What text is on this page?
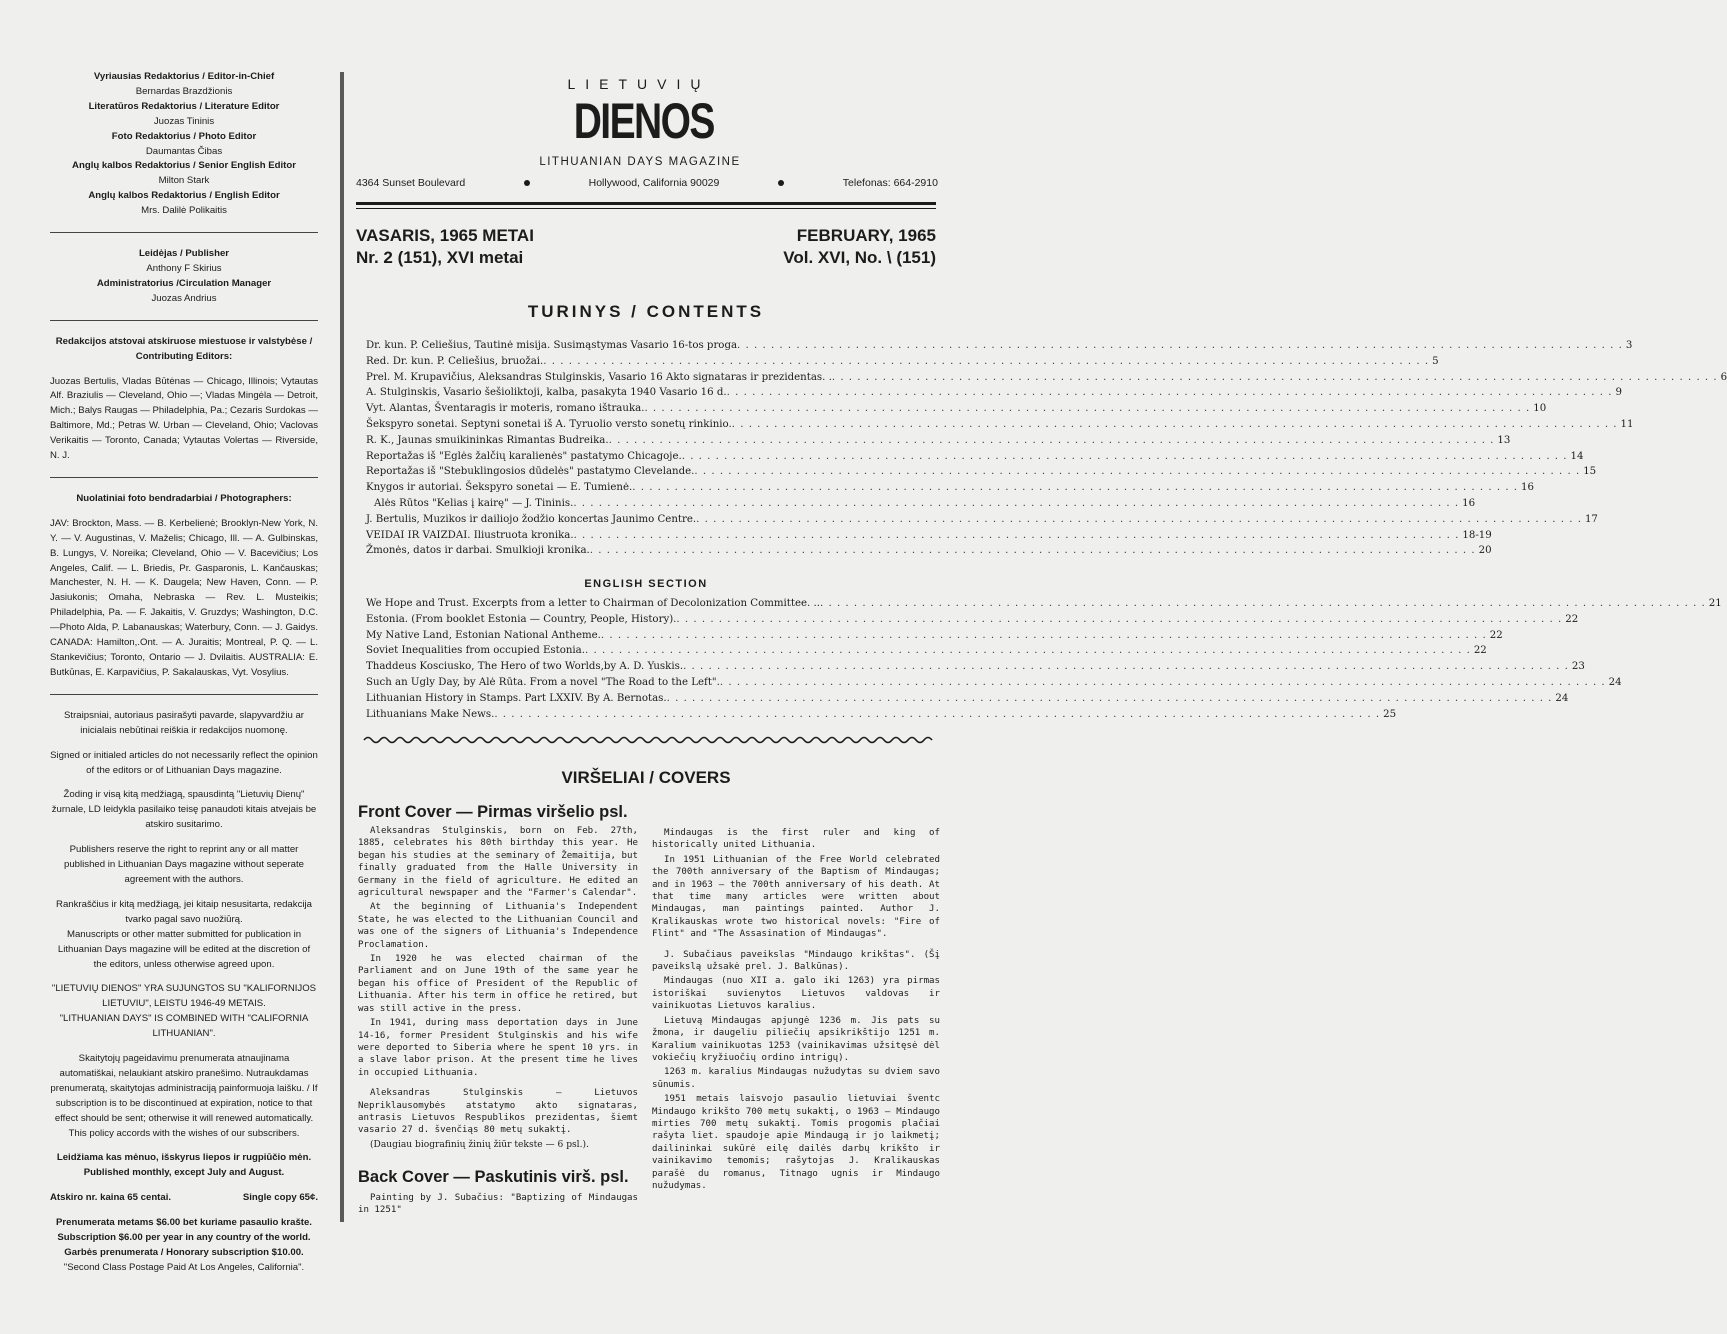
Vyriausias Redaktorius / Editor-in-Chief
Bernardas Brazdžionis
Literatūros Redaktorius / Literature Editor
Juozas Tininis
Foto Redaktorius / Photo Editor
Daumantas Čibas
Anglų kalbos Redaktorius / Senior English Editor
Milton Stark
Anglų kalbos Redaktorius / English Editor
Mrs. Dalilė Polikaitis
Leidėjas / Publisher
Anthony F Skirius
Administratorius /Circulation Manager
Juozas Andrius
Redakcijos atstovai atskiruose miestuose ir valstybėse / Contributing Editors:
Juozas Bertulis, Vladas Būtėnas — Chicago, Illinois; Vytautas Alf. Braziulis — Cleveland, Ohio —; Vladas Mingėla — Detroit, Mich.; Balys Raugas — Philadelphia, Pa.; Cezaris Surdokas — Baltimore, Md.; Petras W. Urban — Cleveland, Ohio; Vaclovas Verikaitis — Toronto, Canada; Vytautas Volertas — Riverside, N. J.
Nuolatiniai foto bendradarbiai / Photographers:
JAV: Brockton, Mass. — B. Kerbelienė; Brooklyn-New York, N. Y. — V. Augustinas, V. Maželis; Chicago, Ill. — A. Gulbinskas, B. Lungys, V. Noreika; Cleveland, Ohio — V. Bacevičius; Los Angeles, Calif. — L. Briedis, Pr. Gasparonis, L. Kančauskas; Manchester, N. H. — K. Daugela; New Haven, Conn. — P. Jasiukonis; Omaha, Nebraska — Rev. L. Musteikis; Philadelphia, Pa. — F. Jakaitis, V. Gruzdys; Washington, D.C. —Photo Alda, P. Labanauskas; Waterbury, Conn. — J. Gaidys. CANADA: Hamilton,.Ont. — A. Juraitis; Montreal, P. Q. — L. Stankevičius; Toronto, Ontario — J. Dvilaitis. AUSTRALIA: E. Butkūnas, E. Karpavičius, P. Sakalauskas, Vyt. Vosylius.
Straipsniai, autoriaus pasirašyti pavarde, slapyvardžiu ar inicialais nebūtinai reiškia ir redakcijos nuomonę.
Signed or initialed articles do not necessarily reflect the opinion of the editors or of Lithuanian Days magazine.
Žoding ir visą kitą medžiagą, spausdintą "Lietuvių Dienų" žurnale, LD leidykla pasilaiko teisę panaudoti kitais atvejais be atskiro susitarimo.
Publishers reserve the right to reprint any or all matter published in Lithuanian Days magazine without seperate agreement with the authors.
Rankraščius ir kitą medžiagą, jei kitaip nesusitarta, redakcija tvarko pagal savo nuožiūrą.
Manuscripts or other matter submitted for publication in Lithuanian Days magazine will be edited at the discretion of the editors, unless otherwise agreed upon.
"LIETUVIŲ DIENOS" YRA SUJUNGTOS SU "KALIFORNIJOS LIETUVIU", LEISTU 1946-49 METAIS.
"LITHUANIAN DAYS" IS COMBINED WITH "CALIFORNIA LITHUANIAN".
Skaitytojų pageidavimu prenumerata atnaujinama automatiškai, nelaukiant atskiro pranešimo. Nutraukdamas prenumeratą, skaitytojas administraciją painformuoja laišku. / If subscription is to be discontinued at expiration, notice to that effect should be sent; otherwise it will renewed automatically. This policy accords with the wishes of our subscribers.
Leidžiama kas mėnuo, išskyrus liepos ir rugpiūčio mėn. Published monthly, except July and August.
Atskiro nr. kaina 65 centai.	Single copy 65¢.
Prenumerata metams $6.00 bet kuriame pasaulio krašte. Subscription $6.00 per year in any country of the world. Garbės prenumerata / Honorary subscription $10.00.
"Second Class Postage Paid At Los Angeles, California".
LIETUVIŲ
DIENOS
LITHUANIAN DAYS MAGAZINE
4364 Sunset Boulevard	Hollywood, California 90029	Telefonas: 664-2910
VASARIS, 1965 METAI
Nr. 2 (151), XVI metai
FEBRUARY, 1965
Vol. XVI, No. \ (151)
TURINYS / CONTENTS
Dr. kun. P. Celiešius, Tautinė misija. Susimąstymas Vasario 16-tos proga . . .	3
Red. Dr. kun. P. Celiešius, bruožai. . . .	5
Prel. M. Krupavičius, Aleksandras Stulginskis, Vasario 16 Akto signataras ir prezidentas. . . . .	6
A. Stulginskis, Vasario šešioliktoji, kalba, pasakyta 1940 Vasario 16 d. . . .	9
Vyt. Alantas, Šventaragis ir moteris, romano ištrauka. . . .	10
Šekspyro sonetai. Septyni sonetai iš A. Tyruolio versto sonetų rinkinio. . . .	11
R. K., Jaunas smuikininkas Rimantas Budreika. . . .	13
Reportažas iš "Eglės žalčių karalienės" pastatymo Chicagoje. . . .	14
Reportažas iš "Stebuklingosios dūdelės" pastatymo Clevelande. . . .	15
Knygos ir autoriai. Šekspyro sonetai — E. Tumienė. . . .	16
Alės Rūtos "Kelias į kairę" — J. Tininis. . . .	16
J. Bertulis, Muzikos ir dailiojo žodžio koncertas Jaunimo Centre. . . .	17
VEIDAI IR VAIZDAI. Iliustruota kronika. . . .	18-19
Žmonės, datos ir darbai. Smulkioji kronika. . . .	20
ENGLISH SECTION
We Hope and Trust. Excerpts from a letter to Chairman of Decolonization Committee. .. . . .	21
Estonia. (From booklet Estonia — Country, People, History). . . .	22
My Native Land, Estonian National Antheme. . . .	22
Soviet Inequalities from occupied Estonia. . . .	22
Thaddeus Kosciusko, The Hero of two Worlds,by A. D. Yuskis. . . .	23
Such an Ugly Day, by Alė Rūta. From a novel "The Road to the Left". . . .	24
Lithuanian History in Stamps. Part LXXIV. By A. Bernotas. . . .	24
Lithuanians Make News. . . .	25
VIRŠELIAI / COVERS
Front Cover — Pirmas viršelio psl.

Aleksandras Stulginskis, born on Feb. 27th, 1885, celebrates his 80th birthday this year. He began his studies at the seminary of Žemaitija, but finally graduated from the Halle University in Germany in the field of agriculture. He edited an agricultural newspaper and the "Farmer's Calendar".

At the beginning of Lithuania's Independent State, he was elected to the Lithuanian Council and was one of the signers of Lithuania's Independence Proclamation.

In 1920 he was elected chairman of the Parliament and on June 19th of the same year he began his office of President of the Republic of Lithuania. After his term in office he retired, but was still active in the press.

In 1941, during mass deportation days in June 14-16, former President Stulginskis and his wife were deported to Siberia where he spent 10 yrs. in a slave labor prison. At the present time he lives in occupied Lithuania.

Aleksandras Stulginskis — Lietuvos Nepriklausomybės atstatymo akto signataras, antrasis Lietuvos Respublikos prezidentas, šiemt vasario 27 d. švenčiąs 80 metų sukaktį.

(Daugiau biografinių žinių žiūr tekste — 6 psl.).

Back Cover — Paskutinis virš. psl.

Painting by J. Subačius: "Baptizing of Mindaugas in 1251"

Mindaugas is the first ruler and king of historically united Lithuania.

In 1951 Lithuanian of the Free World celebrated the 700th anniversary of the Baptism of Mindaugas; and in 1963 — the 700th anniversary of his death. At that time many articles were written about Mindaugas, man paintings painted. Author J. Kralikauskas wrote two historical novels: "Fire of Flint" and "The Assasination of Mindaugas".

J. Subačiaus paveikslas "Mindaugo krikštas". (Šį paveikslą užsakė prel. J. Balkūnas).

Mindaugas (nuo XII a. galo iki 1263) yra pirmas istoriškai suvienytos Lietuvos valdovas ir vainikuotas Lietuvos karalius.

Lietuvą Mindaugas apjungė 1236 m. Jis pats su žmona, ir daugeliu piliečių apsikrikštijo 1251 m. Karalium vainikuotas 1253 (vainikavimas užsitęsė dėl vokiečių kryžiuočių ordino intrigų).

1263 m. karalius Mindaugas nužudytas su dviem savo sūnumis.

1951 metais laisvojo pasaulio lietuviai šventc Mindaugo krikšto 700 metų sukaktį, o 1963 — Mindaugo mirties 700 metų sukaktį. Tomis progomis plačiai rašyta liet. spaudoje apie Mindaugą ir jo laikmetį; dailininkai sukūrė eilę dailės darbų krikšto ir vainikavimo temomis; rašytojas J. Kralikauskas parašė du romanus, Titnago ugnis ir Mindaugo nužudymas.
